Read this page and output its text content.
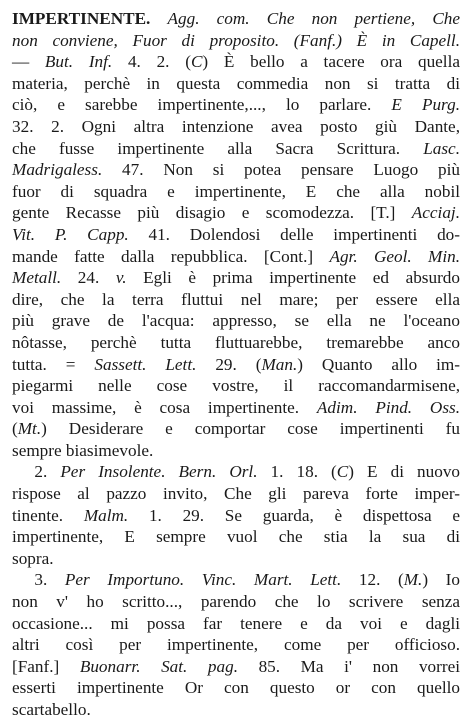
IMPERTINENTE. Agg. com. Che non pertiene, Che
non conviene, Fuor di proposito. (Fanf.) È in Capell.
— But. Inf. 4. 2. (C) È bello a tacere ora quella
materia, perchè in questa commedia non si tratta di
ciò, e sarebbe impertinente,..., lo parlare. E Purg.
32. 2. Ogni altra intenzione avea posto giù Dante,
che fusse impertinente alla Sacra Scrittura. Lasc.
Madrigaless. 47. Non si potea pensare Luogo più
fuor di squadra e impertinente, E che alla nobil
gente Recasse più disagio e scomodezza. [T.] Acciaj.
Vit. P. Capp. 41. Dolendosi delle impertinenti do-
mande fatte dalla repubblica. [Cont.] Agr. Geol. Min.
Metall. 24. v. Egli è prima impertinente ed absurdo
dire, che la terra fluttui nel mare; per essere ella
più grave de l'acqua: appresso, se ella ne l'oceano
nôtasse, perchè tutta fluttuarebbe, tremarebbe anco
tutta. = Sassett. Lett. 29. (Man.) Quanto allo im-
piegarmi nelle cose vostre, il raccomandarmisene,
voi massime, è cosa impertinente. Adim. Pind. Oss.
(Mt.) Desiderare e comportar cose impertinenti fu
sempre biasimevole.
2. Per Insolente. Bern. Orl. 1. 18. (C) E di nuovo
rispose al pazzo invito, Che gli pareva forte imper-
tinente. Malm. 1. 29. Se guarda, è dispettosa e
impertinente, E sempre vuol che stia la sua di
sopra.
3. Per Importuno. Vinc. Mart. Lett. 12. (M.) Io
non v' ho scritto..., parendo che lo scrivere senza
occasione... mi possa far tenere e da voi e dagli
altri così per impertinente, come per officioso.
[Fanf.] Buonarr. Sat. pag. 85. Ma i' non vorrei
esserti impertinente Or con questo or con quello
scartabello.
